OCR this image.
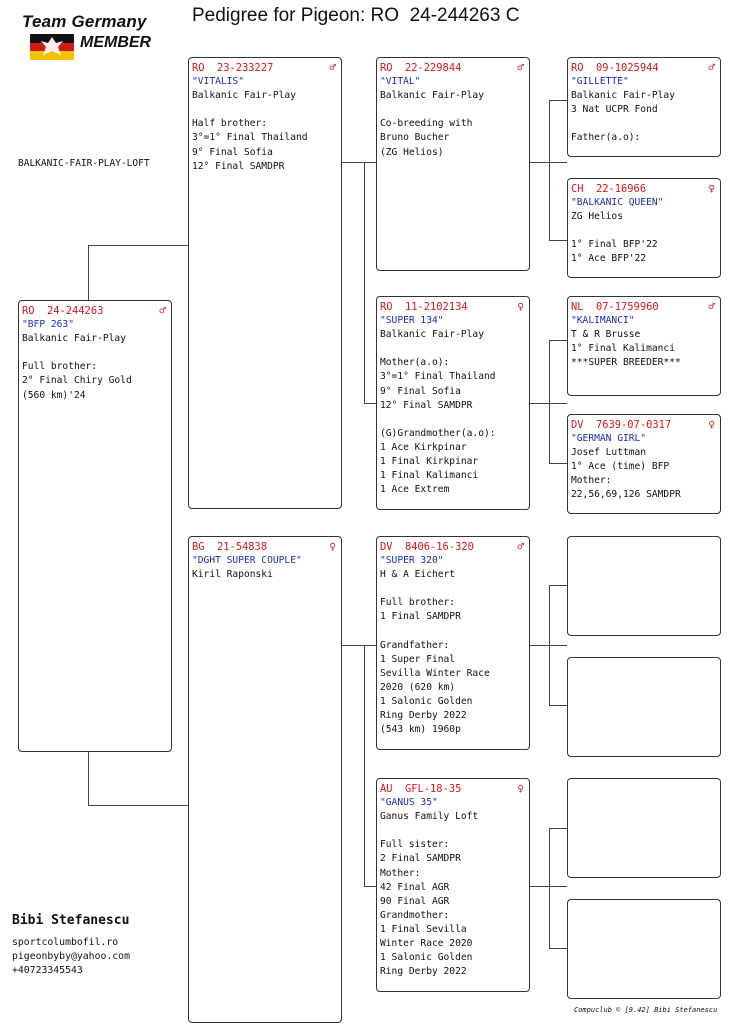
Team Germany
MEMBER
Pedigree for Pigeon: RO  24-244263 C
BALKANIC-FAIR-PLAY-LOFT
RO  24-244263	♂
"BFP 263"
Balkanic Fair-Play

Full brother:
2° Final Chiry Gold
(560 km)'24
RO  23-233227	♂
"VITALIS"
Balkanic Fair-Play

Half brother:
3°=1° Final Thailand
9° Final Sofia
12° Final SAMDPR
BG  21-54838	♀
"DGHT SUPER COUPLE"
Kiril Raponski
RO  22-229844	♂
"VITAL"
Balkanic Fair-Play

Co-breeding with
Bruno Bucher
(ZG Helios)
RO  11-2102134	♀
"SUPER 134"
Balkanic Fair-Play

Mother(a.o):
3°=1° Final Thailand
9° Final Sofia
12° Final SAMDPR

(G)Grandmother(a.o):
1 Ace Kirkpinar
1 Final Kirkpinar
1 Final Kalimanci
1 Ace Extrem
DV  8406-16-320	♂
"SUPER 320"
H & A Eichert

Full brother:
1 Final SAMDPR

Grandfather:
1 Super Final
Sevilla Winter Race
2020 (620 km)
1 Salonic Golden
Ring Derby 2022
(543 km) 1960p
AU  GFL-18-35	♀
"GANUS 35"
Ganus Family Loft

Full sister:
2 Final SAMDPR
Mother:
42 Final AGR
90 Final AGR
Grandmother:
1 Final Sevilla
Winter Race 2020
1 Salonic Golden
Ring Derby 2022
RO  09-1025944	♂
"GILLETTE"
Balkanic Fair-Play
3 Nat UCPR Fond

Father(a.o):
CH  22-16966	♀
"BALKANIC QUEEN"
ZG Helios

1° Final BFP'22
1° Ace BFP'22
NL  07-1759960	♂
"KALIMANCI"
T & R Brusse
1° Final Kalimanci
***SUPER BREEDER***
DV  7639-07-0317	♀
"GERMAN GIRL"
Josef Luttman
1° Ace (time) BFP
Mother:
22,56,69,126 SAMDPR
Bibi Stefanescu
sportcolumbofil.ro
pigeonbyby@yahoo.com
+40723345543
Compuclub © [9.42] Bibi Stefanescu
